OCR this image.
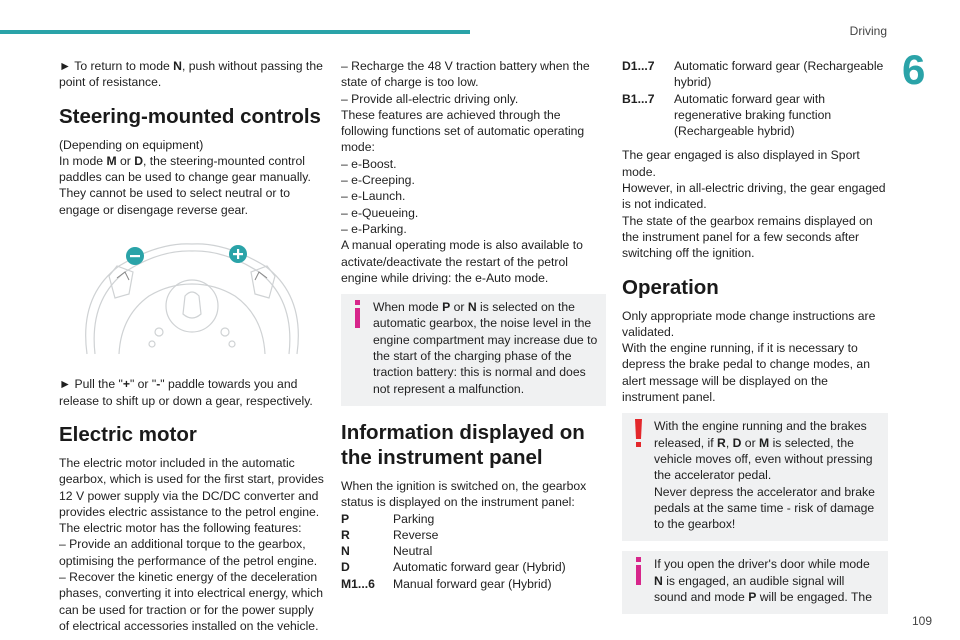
Driving
6
109

► To return to mode N, push without passing the point of resistance.

Steering-mounted controls

(Depending on equipment)

In mode M or D, the steering-mounted control paddles can be used to change gear manually. They cannot be used to select neutral or to engage or disengage reverse gear.

► Pull the "+" or "-" paddle towards you and release to shift up or down a gear, respectively.

Electric motor

The electric motor included in the automatic gearbox, which is used for the first start, provides 12 V power supply via the DC/DC converter and provides electric assistance to the petrol engine.

The electric motor has the following features:

– Provide an additional torque to the gearbox, optimising the performance of the petrol engine.

– Recover the kinetic energy of the deceleration phases, converting it into electrical energy, which can be used for traction or for the power supply of electrical accessories installed on the vehicle.

– Recharge the 48 V traction battery when the state of charge is too low.

– Provide all-electric driving only.

These features are achieved through the following functions set of automatic operating mode:

– e-Boost.

– e-Creeping.

– e-Launch.

– e-Queueing.

– e-Parking.

A manual operating mode is also available to activate/deactivate the restart of the petrol engine while driving: the e-Auto mode.

When mode P or N is selected on the automatic gearbox, the noise level in the engine compartment may increase due to the start of the charging phase of the traction battery: this is normal and does not represent a malfunction.

Information displayed on the instrument panel

When the ignition is switched on, the gearbox status is displayed on the instrument panel:

P	Parking
R	Reverse
N	Neutral
D	Automatic forward gear (Hybrid)
M1...6	Manual forward gear (Hybrid)
D1...7	Automatic forward gear (Rechargeable hybrid)
B1...7	Automatic forward gear with regenerative braking function (Rechargeable hybrid)

The gear engaged is also displayed in Sport mode.

However, in all-electric driving, the gear engaged is not indicated.

The state of the gearbox remains displayed on the instrument panel for a few seconds after switching off the ignition.

Operation

Only appropriate mode change instructions are validated.

With the engine running, if it is necessary to depress the brake pedal to change modes, an alert message will be displayed on the instrument panel.

With the engine running and the brakes released, if R, D or M is selected, the vehicle moves off, even without pressing the accelerator pedal.

Never depress the accelerator and brake pedals at the same time - risk of damage to the gearbox!

If you open the driver's door while mode N is engaged, an audible signal will sound and mode P will be engaged. The
